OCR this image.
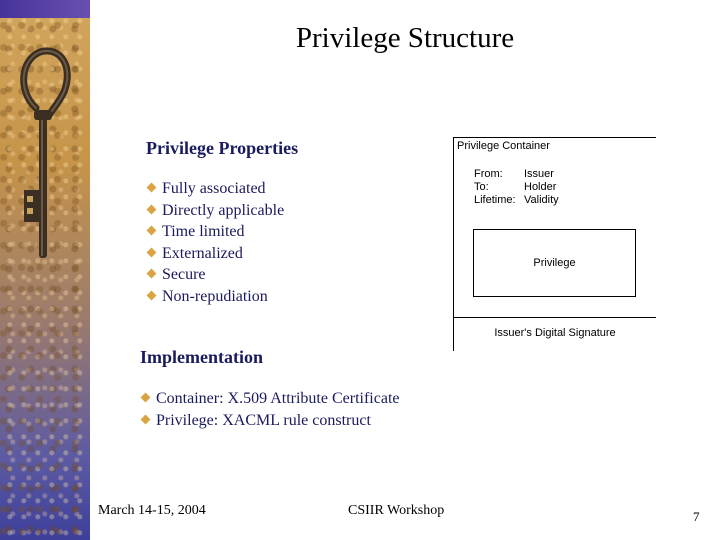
Privilege Structure
Privilege Properties
Fully associated
Directly applicable
Time limited
Externalized
Secure
Non-repudiation
Privilege Container
From:	Issuer
To:	Holder
Lifetime: Validity
Privilege
Issuer's Digital Signature
Implementation
Container: X.509 Attribute Certificate
Privilege: XACML rule construct
March 14-15, 2004	CSIIR Workshop	7
